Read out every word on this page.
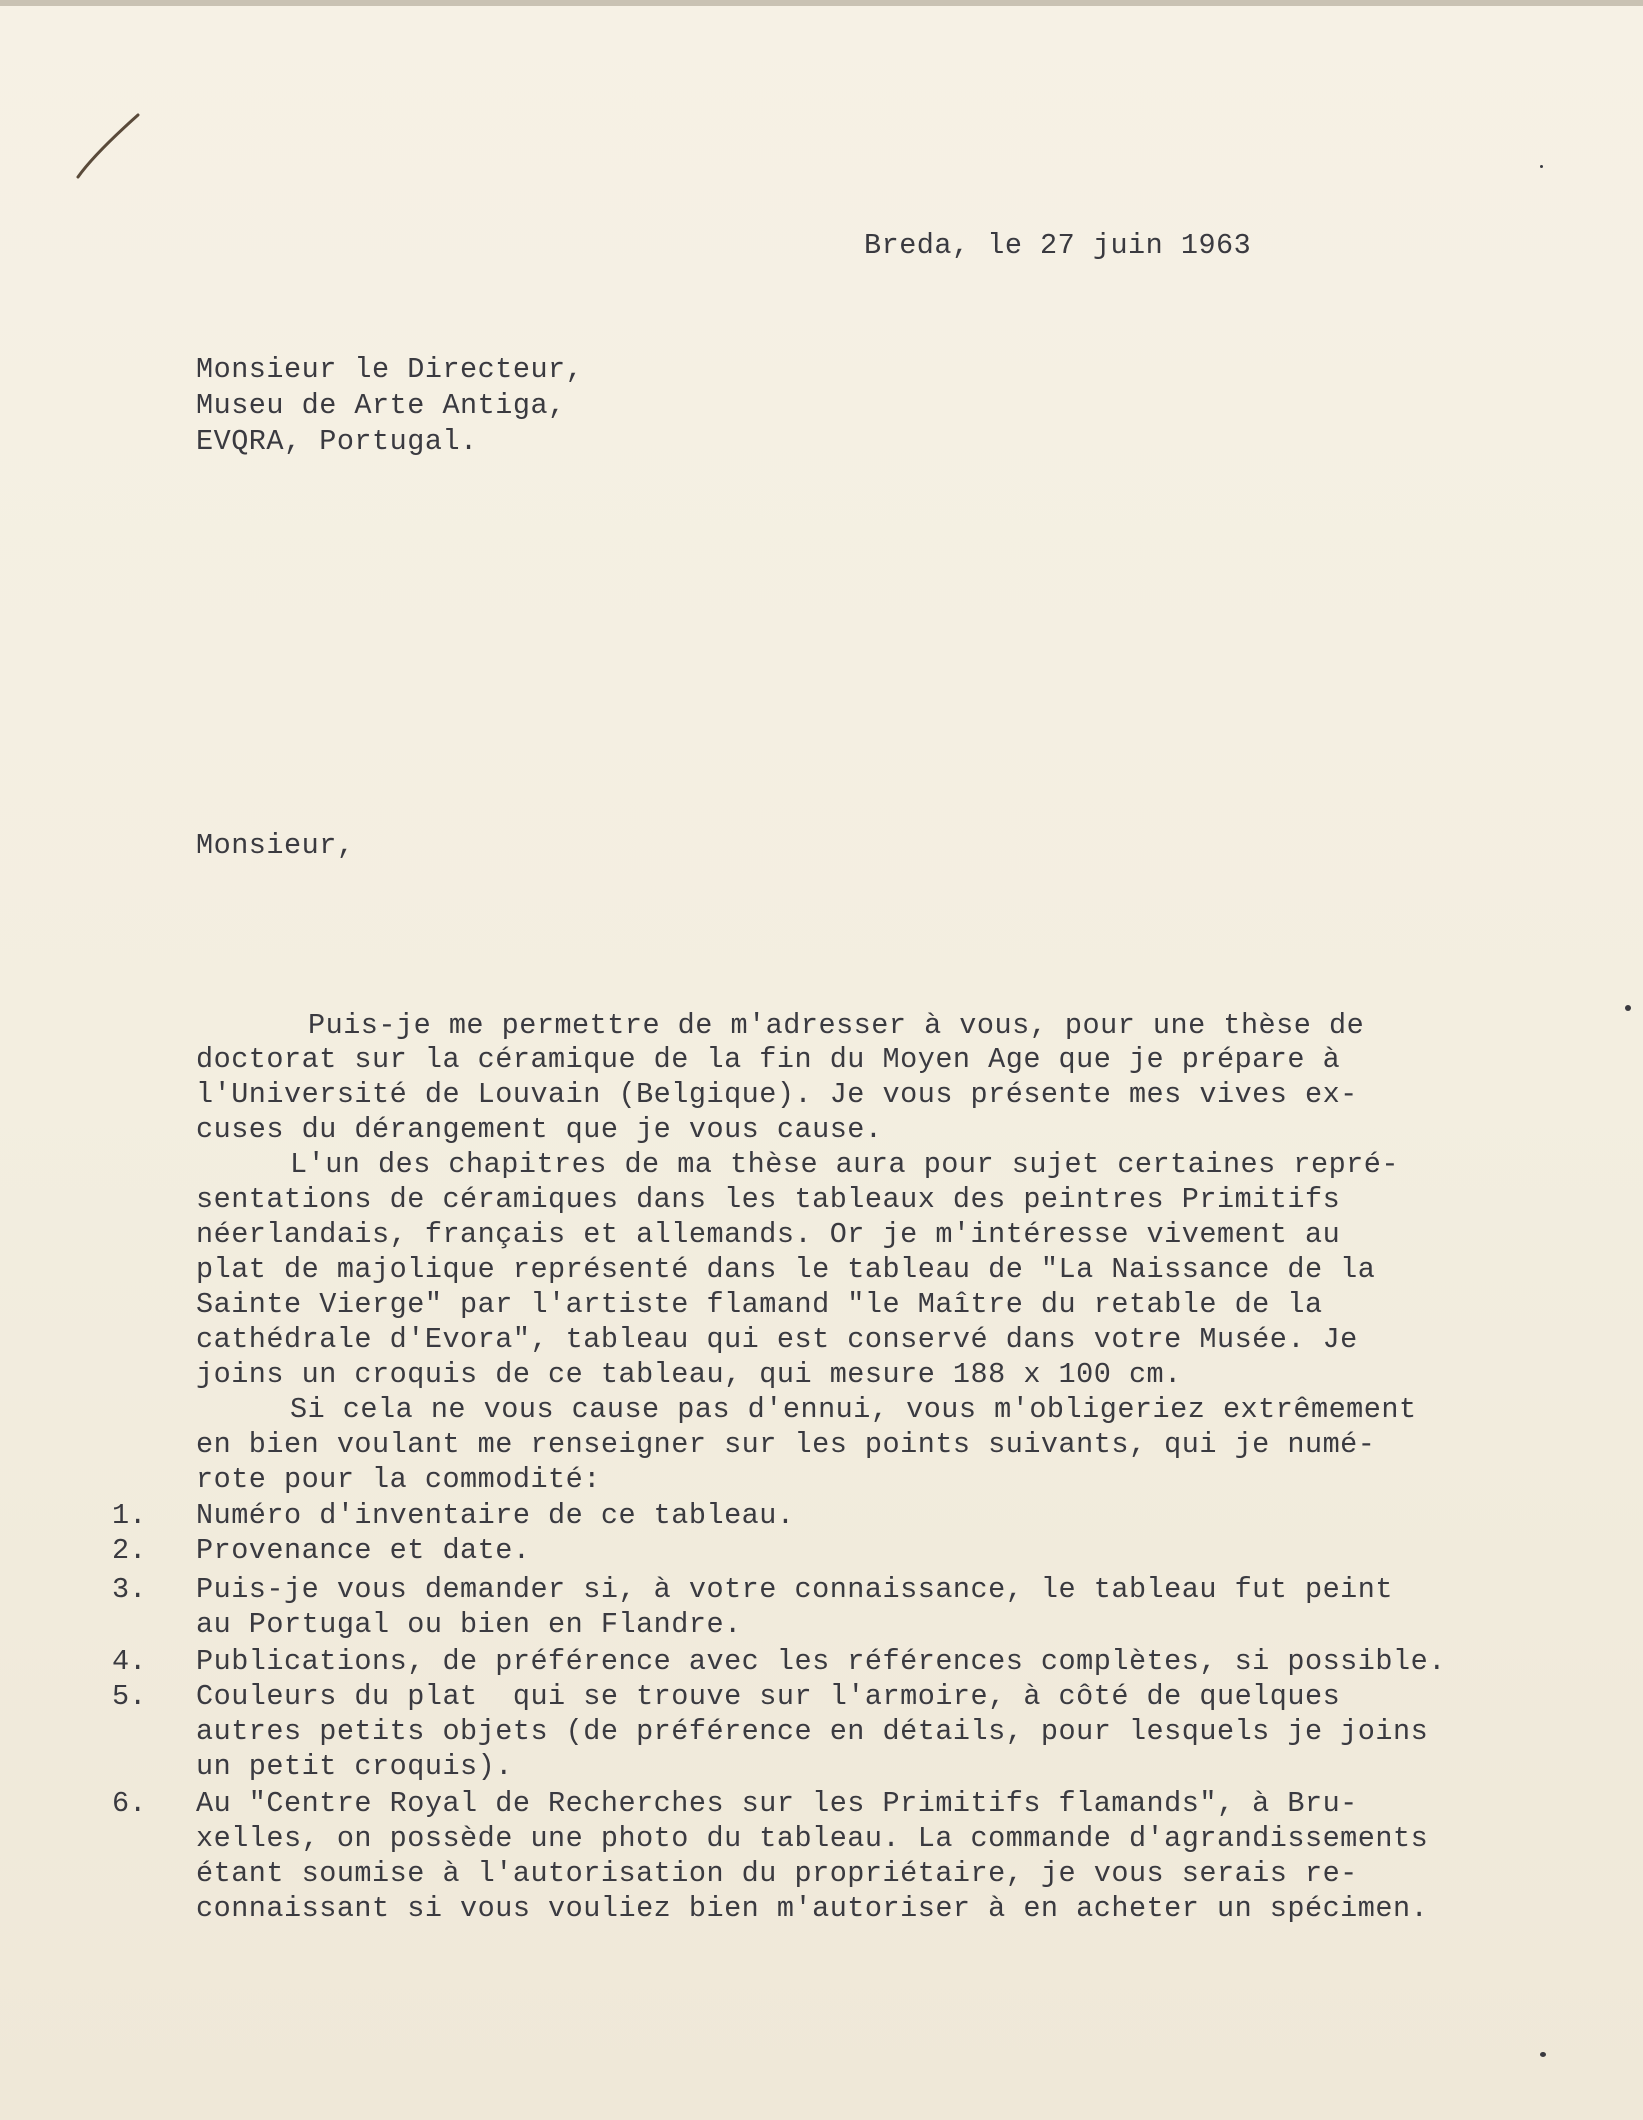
Breda, le 27 juin 1963
Monsieur le Directeur,
Museu de Arte Antiga,
EVQRA, Portugal.
Monsieur,
Puis-je me permettre de m'adresser à vous, pour une thèse de
doctorat sur la céramique de la fin du Moyen Age que je prépare à
l'Université de Louvain (Belgique). Je vous présente mes vives ex-
cuses du dérangement que je vous cause.
L'un des chapitres de ma thèse aura pour sujet certaines repré-
sentations de céramiques dans les tableaux des peintres Primitifs
néerlandais, français et allemands. Or je m'intéresse vivement au
plat de majolique représenté dans le tableau de "La Naissance de la
Sainte Vierge" par l'artiste flamand "le Maître du retable de la
cathédrale d'Evora", tableau qui est conservé dans votre Musée. Je
joins un croquis de ce tableau, qui mesure 188 x 100 cm.
Si cela ne vous cause pas d'ennui, vous m'obligeriez extrêmement
en bien voulant me renseigner sur les points suivants, qui je numé-
rote pour la commodité:
1. Numéro d'inventaire de ce tableau.
2. Provenance et date.
3. Puis-je vous demander si, à votre connaissance, le tableau fut peint
au Portugal ou bien en Flandre.
4. Publications, de préférence avec les références complètes, si possible.
5. Couleurs du plat  qui se trouve sur l'armoire, à côté de quelques
autres petits objets (de préférence en détails, pour lesquels je joins
un petit croquis).
6. Au "Centre Royal de Recherches sur les Primitifs flamands", à Bru-
xelles, on possède une photo du tableau. La commande d'agrandissements
étant soumise à l'autorisation du propriétaire, je vous serais re-
connaissant si vous vouliez bien m'autoriser à en acheter un spécimen.
